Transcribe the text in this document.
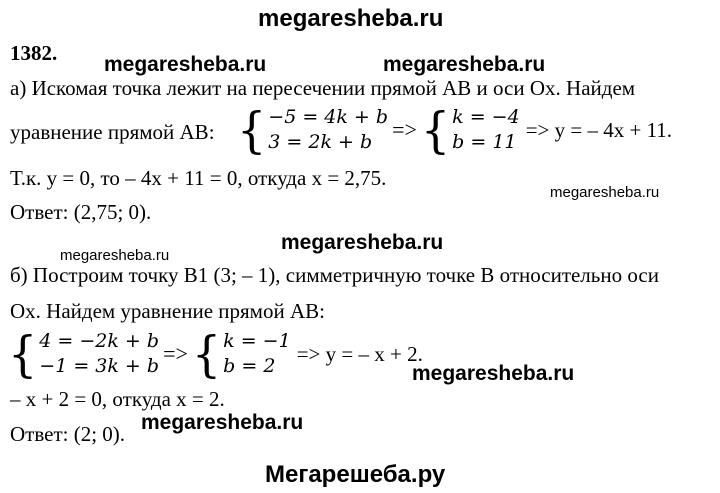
megaresheba.ru
megaresheba.ru	megaresheba.ru
megaresheba.ru
megaresheba.ru
megaresheba.ru
megaresheba.ru
megaresheba.ru
Мегарешеба.ру
1382.
а) Искомая точка лежит на пересечении прямой АВ и оси Ох. Найдем
уравнение прямой АВ: { −5 = 4k + b
3 = 2k + b => { k = −4
b = 11
=> у = – 4х + 11.
Т.к. у = 0, то – 4х + 11 = 0, откуда х = 2,75.
Ответ: (2,75; 0).
б) Построим точку В1 (3; – 1), симметричную точке В относительно оси
Ох. Найдем уравнение прямой АВ:
{ 4 = −2k + b
−1 = 3k + b => { k = −1
b = 2
=> у = – х + 2.
– х + 2 = 0, откуда х = 2.
Ответ: (2; 0).
